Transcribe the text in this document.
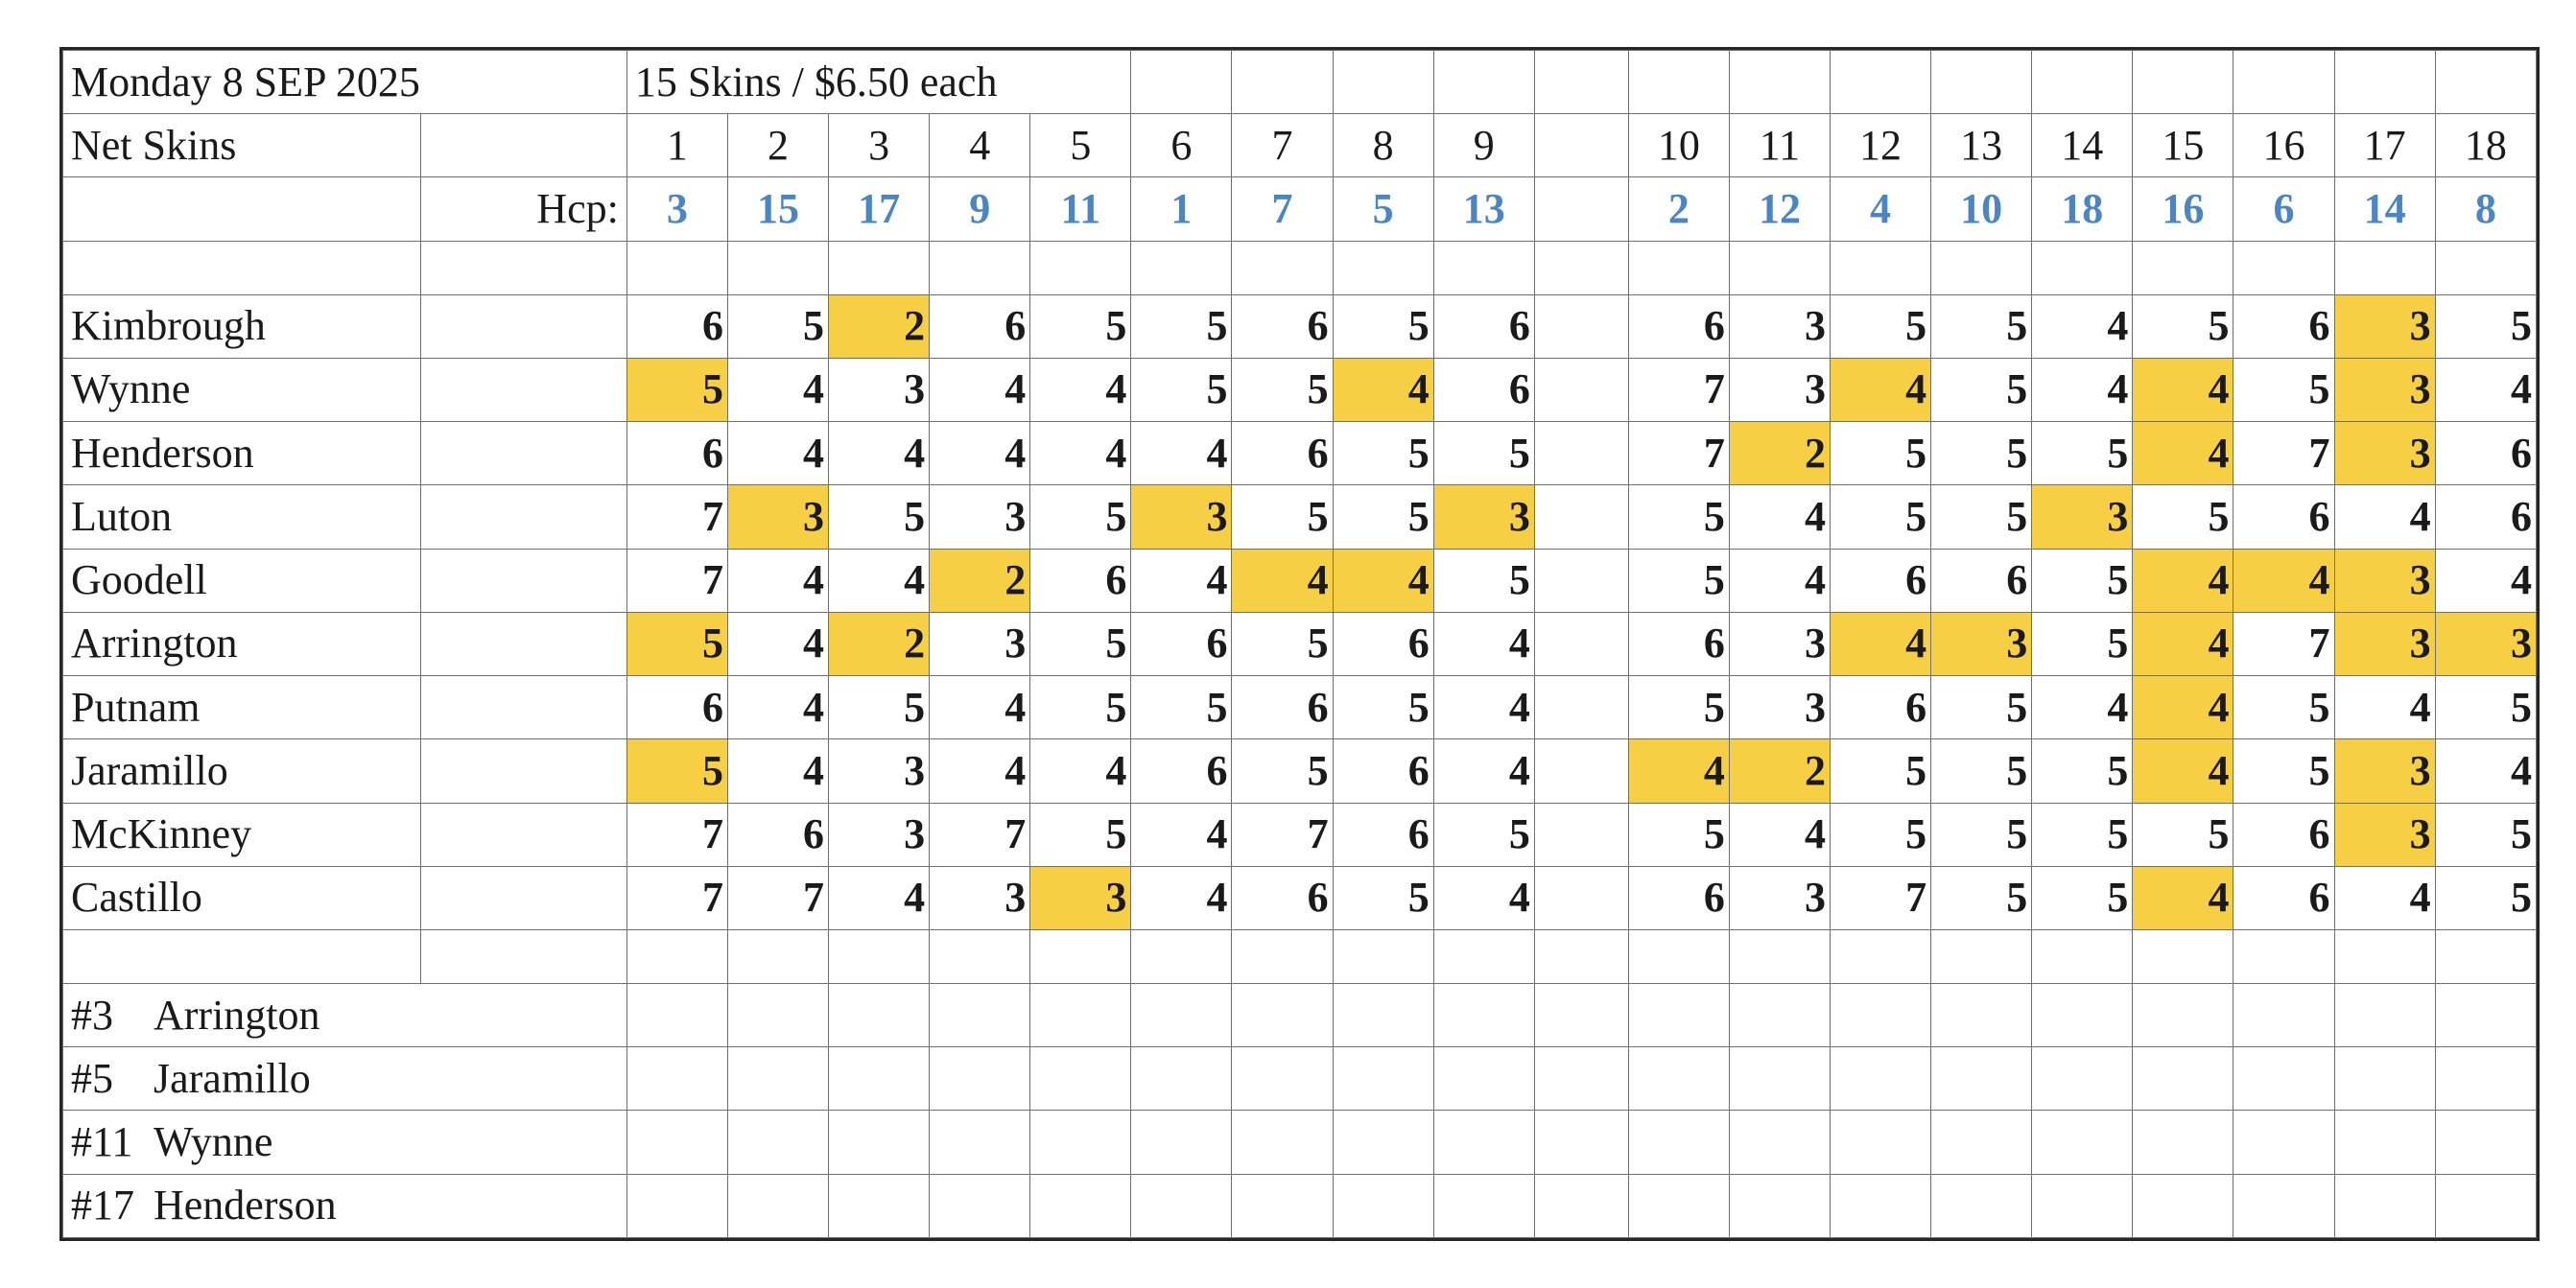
Monday 8 SEP 2025		15 Skins / $6.50 each																		
Net Skins		1	2	3	4	5	6	7	8	9		10	11	12	13	14	15	16	17	18
	Hcp:	3	15	17	9	11	1	7	5	13		2	12	4	10	18	16	6	14	8

Kimbrough		6	5	2	6	5	5	6	5	6		6	3	5	5	4	5	6	3	5
Wynne		5	4	3	4	4	5	5	4	6		7	3	4	5	4	4	5	3	4
Henderson		6	4	4	4	4	4	6	5	5		7	2	5	5	5	4	7	3	6
Luton		7	3	5	3	5	3	5	5	3		5	4	5	5	3	5	6	4	6
Goodell		7	4	4	2	6	4	4	4	5		5	4	6	6	5	4	4	3	4
Arrington		5	4	2	3	5	6	5	6	4		6	3	4	3	5	4	7	3	3
Putnam		6	4	5	4	5	5	6	5	4		5	3	6	5	4	4	5	4	5
Jaramillo		5	4	3	4	4	6	5	6	4		4	2	5	5	5	4	5	3	4
McKinney		7	6	3	7	5	4	7	6	5		5	4	5	5	5	5	6	3	5
Castillo		7	7	4	3	3	4	6	5	4		6	3	7	5	5	4	6	4	5

#3 Arrington																				
#5 Jaramillo																				
#11 Wynne																				
#17 Henderson																				
